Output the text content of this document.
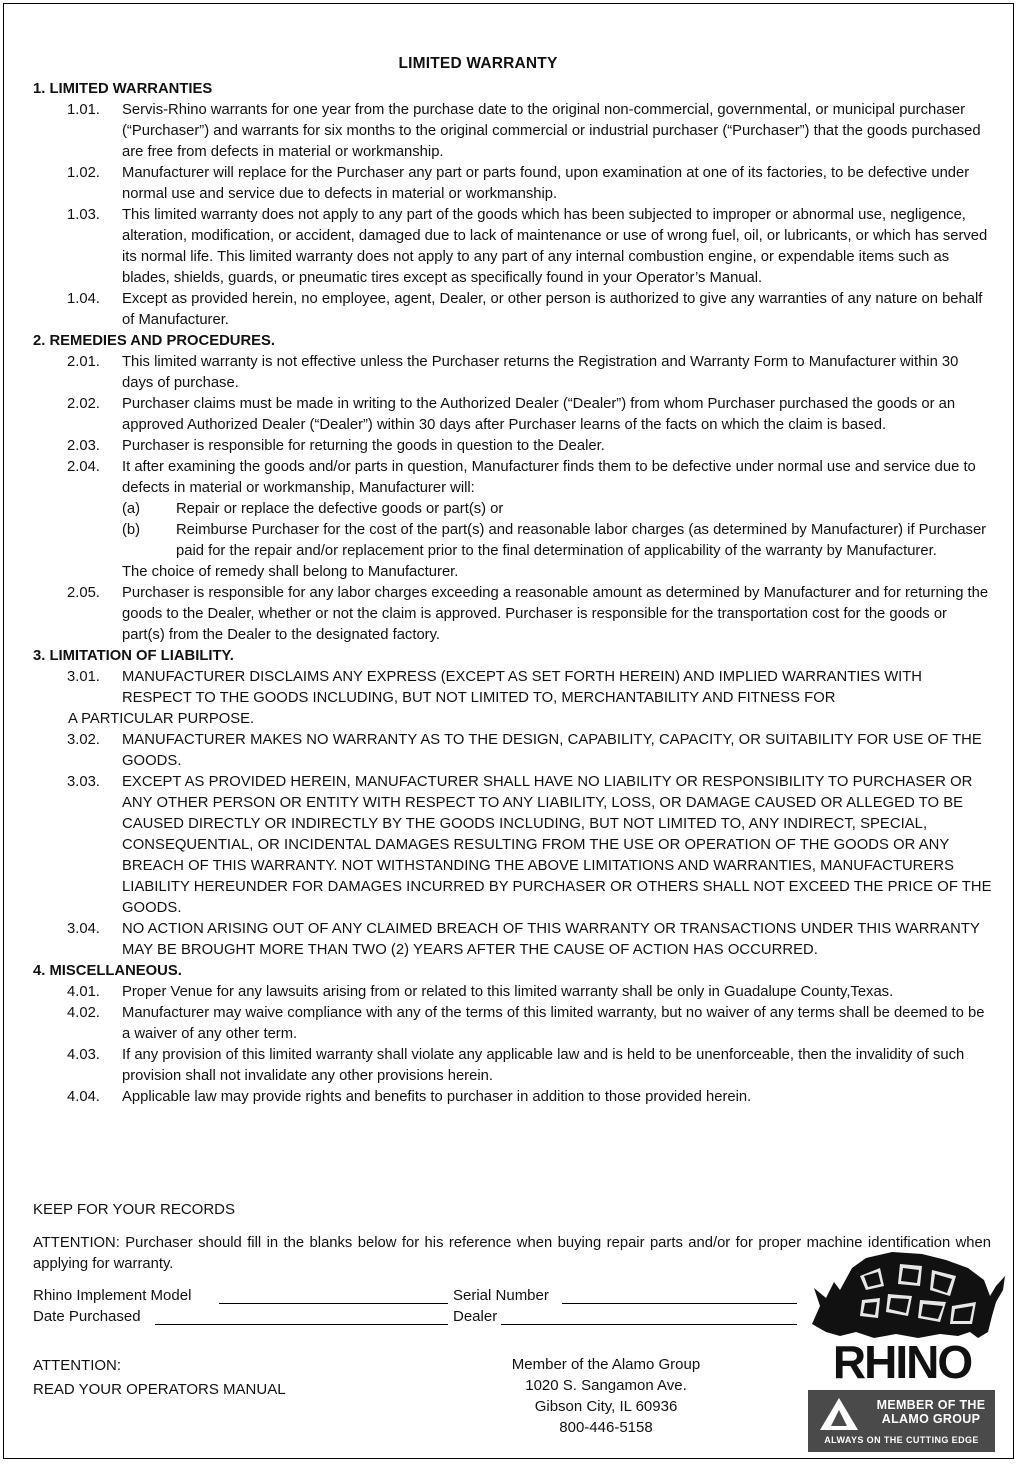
LIMITED WARRANTY
1. LIMITED WARRANTIES
1.01. Servis-Rhino warrants for one year from the purchase date to the original non-commercial, governmental, or municipal purchaser (“Purchaser”) and warrants for six months to the original commercial or industrial purchaser (“Purchaser”) that the goods purchased are free from defects in material or workmanship.
1.02. Manufacturer will replace for the Purchaser any part or parts found, upon examination at one of its factories, to be defective under normal use and service due to defects in material or workmanship.
1.03. This limited warranty does not apply to any part of the goods which has been subjected to improper or abnormal use, negligence, alteration, modification, or accident, damaged due to lack of maintenance or use of wrong fuel, oil, or lubricants, or which has served its normal life. This limited warranty does not apply to any part of any internal combustion engine, or expendable items such as blades, shields, guards, or pneumatic tires except as specifically found in your Operator’s Manual.
1.04. Except as provided herein, no employee, agent, Dealer, or other person is authorized to give any warranties of any nature on behalf of Manufacturer.
2. REMEDIES AND PROCEDURES.
2.01. This limited warranty is not effective unless the Purchaser returns the Registration and Warranty Form to Manufacturer within 30 days of purchase.
2.02. Purchaser claims must be made in writing to the Authorized Dealer (“Dealer”) from whom Purchaser purchased the goods or an approved Authorized Dealer (“Dealer”) within 30 days after Purchaser learns of the facts on which the claim is based.
2.03. Purchaser is responsible for returning the goods in question to the Dealer.
2.04. It after examining the goods and/or parts in question, Manufacturer finds them to be defective under normal use and service due to defects in material or workmanship, Manufacturer will:
(a) Repair or replace the defective goods or part(s) or
(b) Reimburse Purchaser for the cost of the part(s) and reasonable labor charges (as determined by Manufacturer) if Purchaser paid for the repair and/or replacement prior to the final determination of applicability of the warranty by Manufacturer.
The choice of remedy shall belong to Manufacturer.
2.05. Purchaser is responsible for any labor charges exceeding a reasonable amount as determined by Manufacturer and for returning the goods to the Dealer, whether or not the claim is approved. Purchaser is responsible for the transportation cost for the goods or part(s) from the Dealer to the designated factory.
3. LIMITATION OF LIABILITY.
3.01. MANUFACTURER DISCLAIMS ANY EXPRESS (EXCEPT AS SET FORTH HEREIN) AND IMPLIED WARRANTIES WITH RESPECT TO THE GOODS INCLUDING, BUT NOT LIMITED TO, MERCHANTABILITY AND FITNESS FOR
A PARTICULAR PURPOSE.
3.02. MANUFACTURER MAKES NO WARRANTY AS TO THE DESIGN, CAPABILITY, CAPACITY, OR SUITABILITY FOR USE OF THE GOODS.
3.03. EXCEPT AS PROVIDED HEREIN, MANUFACTURER SHALL HAVE NO LIABILITY OR RESPONSIBILITY TO PURCHASER OR ANY OTHER PERSON OR ENTITY WITH RESPECT TO ANY LIABILITY, LOSS, OR DAMAGE CAUSED OR ALLEGED TO BE CAUSED DIRECTLY OR INDIRECTLY BY THE GOODS INCLUDING, BUT NOT LIMITED TO, ANY INDIRECT, SPECIAL, CONSEQUENTIAL, OR INCIDENTAL DAMAGES RESULTING FROM THE USE OR OPERATION OF THE GOODS OR ANY BREACH OF THIS WARRANTY. NOT WITHSTANDING THE ABOVE LIMITATIONS AND WARRANTIES, MANUFACTURERS LIABILITY HEREUNDER FOR DAMAGES INCURRED BY PURCHASER OR OTHERS SHALL NOT EXCEED THE PRICE OF THE GOODS.
3.04. NO ACTION ARISING OUT OF ANY CLAIMED BREACH OF THIS WARRANTY OR TRANSACTIONS UNDER THIS WARRANTY MAY BE BROUGHT MORE THAN TWO (2) YEARS AFTER THE CAUSE OF ACTION HAS OCCURRED.
4. MISCELLANEOUS.
4.01. Proper Venue for any lawsuits arising from or related to this limited warranty shall be only in Guadalupe County,Texas.
4.02. Manufacturer may waive compliance with any of the terms of this limited warranty, but no waiver of any terms shall be deemed to be a waiver of any other term.
4.03. If any provision of this limited warranty shall violate any applicable law and is held to be unenforceable, then the invalidity of such provision shall not invalidate any other provisions herein.
4.04. Applicable law may provide rights and benefits to purchaser in addition to those provided herein.
KEEP FOR YOUR RECORDS
ATTENTION: Purchaser should fill in the blanks below for his reference when buying repair parts and/or for proper machine identification when applying for warranty.
Rhino Implement Model	Serial Number
Date Purchased	Dealer
ATTENTION:
READ YOUR OPERATORS MANUAL
Member of the Alamo Group
1020 S. Sangamon Ave.
Gibson City, IL 60936
800-446-5158
RHINO
MEMBER OF THE
ALAMO GROUP
ALWAYS ON THE CUTTING EDGE
